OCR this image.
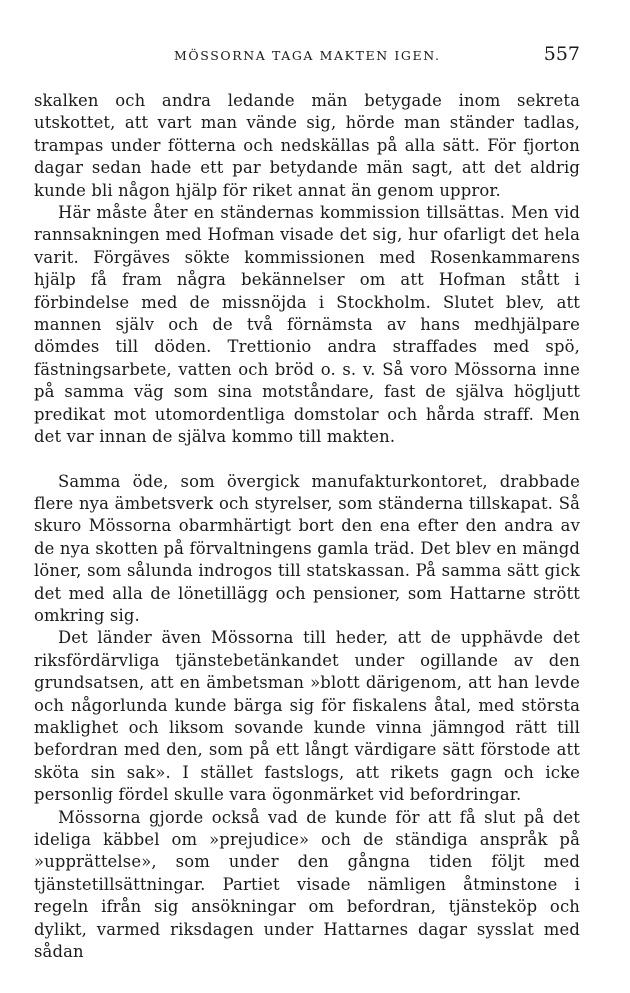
MÖSSORNA TAGA MAKTEN IGEN.	557

skalken och andra ledande män betygade inom sekreta utskottet, att vart man vände sig, hörde man ständer tadlas, trampas under fötterna och nedskällas på alla sätt. För fjorton dagar sedan hade ett par betydande män sagt, att det aldrig kunde bli någon hjälp för riket annat än genom uppror.

Här måste åter en ständernas kommission tillsättas. Men vid rannsakningen med Hofman visade det sig, hur ofarligt det hela varit. Förgäves sökte kommissionen med Rosenkammarens hjälp få fram några bekännelser om att Hofman stått i förbindelse med de missnöjda i Stockholm. Slutet blev, att mannen själv och de två förnämsta av hans medhjälpare dömdes till döden. Trettionio andra straffades med spö, fästningsarbete, vatten och bröd o. s. v. Så voro Mössorna inne på samma väg som sina motståndare, fast de själva högljutt predikat mot utomordentliga domstolar och hårda straff. Men det var innan de själva kommo till makten.

Samma öde, som övergick manufakturkontoret, drabbade flere nya ämbetsverk och styrelser, som ständerna tillskapat. Så skuro Mössorna obarmhärtigt bort den ena efter den andra av de nya skotten på förvaltningens gamla träd. Det blev en mängd löner, som sålunda indrogos till statskassan. På samma sätt gick det med alla de lönetillägg och pensioner, som Hattarne strött omkring sig.

Det länder även Mössorna till heder, att de upphävde det riksfördärvliga tjänstebetänkandet under ogillande av den grundsatsen, att en ämbetsman »blott därigenom, att han levde och någorlunda kunde bärga sig för fiskalens åtal, med största maklighet och liksom sovande kunde vinna jämngod rätt till befordran med den, som på ett långt värdigare sätt förstode att sköta sin sak». I stället fastslogs, att rikets gagn och icke personlig fördel skulle vara ögonmärket vid befordringar.

Mössorna gjorde också vad de kunde för att få slut på det ideliga käbbel om »prejudice» och de ständiga anspråk på »upprättelse», som under den gångna tiden följt med tjänstetillsättningar. Partiet visade nämligen åtminstone i regeln ifrån sig ansökningar om befordran, tjänsteköp och dylikt, varmed riksdagen under Hattarnes dagar sysslat med sådan
